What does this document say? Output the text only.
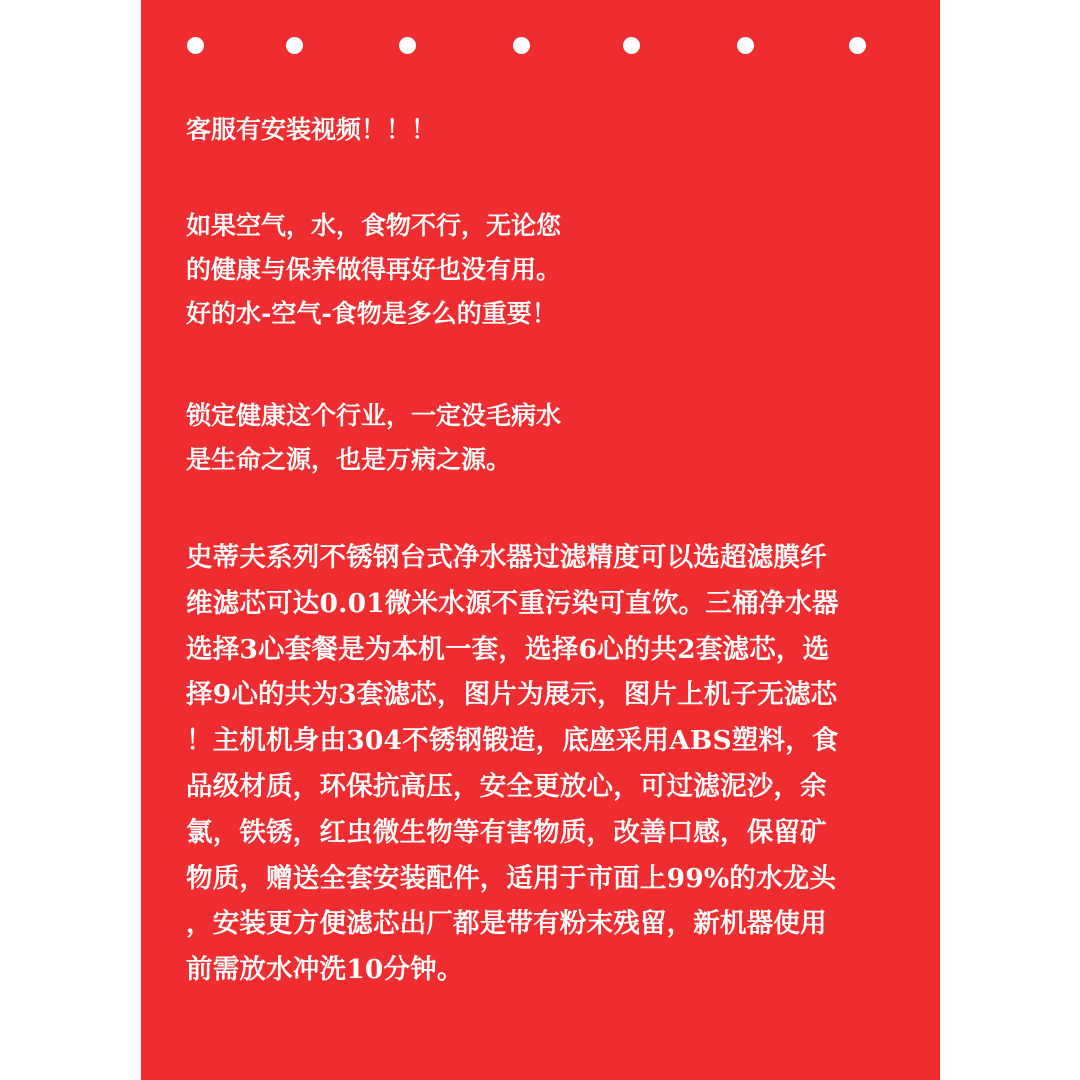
客服有安装视频！！！

如果空气，水，食物不行，无论您
的健康与保养做得再好也没有用。
好的水-空气-食物是多么的重要！
锁定健康这个行业，一定没毛病水
是生命之源，也是万病之源。
史蒂夫系列不锈钢台式净水器过滤精度可以选超滤膜纤
维滤芯可达0.01微米水源不重污染可直饮。三桶净水器
选择3心套餐是为本机一套，选择6心的共2套滤芯，选
择9心的共为3套滤芯，图片为展示，图片上机子无滤芯
！主机机身由304不锈钢锻造，底座采用ABS塑料，食
品级材质，环保抗高压，安全更放心，可过滤泥沙，余
氯，铁锈，红虫微生物等有害物质，改善口感，保留矿
物质，赠送全套安装配件，适用于市面上99%的水龙头
，安装更方便滤芯出厂都是带有粉末残留，新机器使用
前需放水冲洗10分钟。
